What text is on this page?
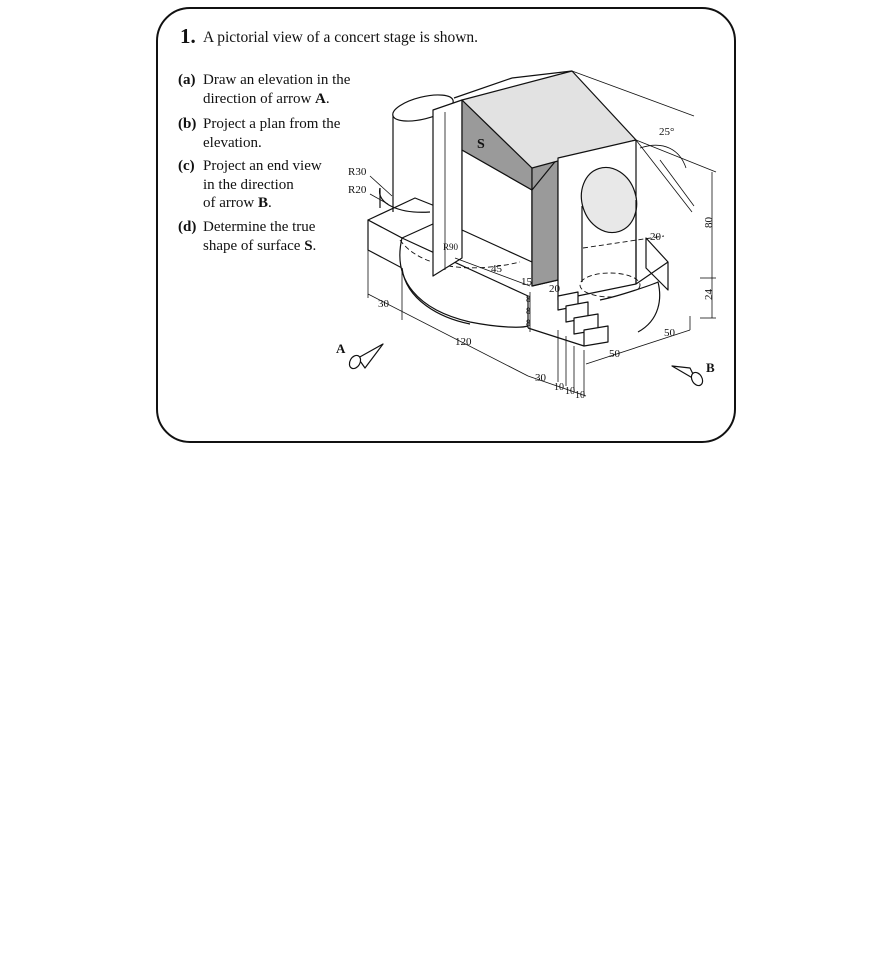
1. A pictorial view of a concert stage is shown.
(a) Draw an elevation in the
direction of arrow A.
(b) Project a plan from the
elevation.
(c) Project an end view
in the direction
of arrow B.
(d) Determine the true
shape of surface S.
S
A
B
R30
R20
R90
25°
80
24
20
20
45
15
30
120
30
10 10 10
50
50
8
8
8
